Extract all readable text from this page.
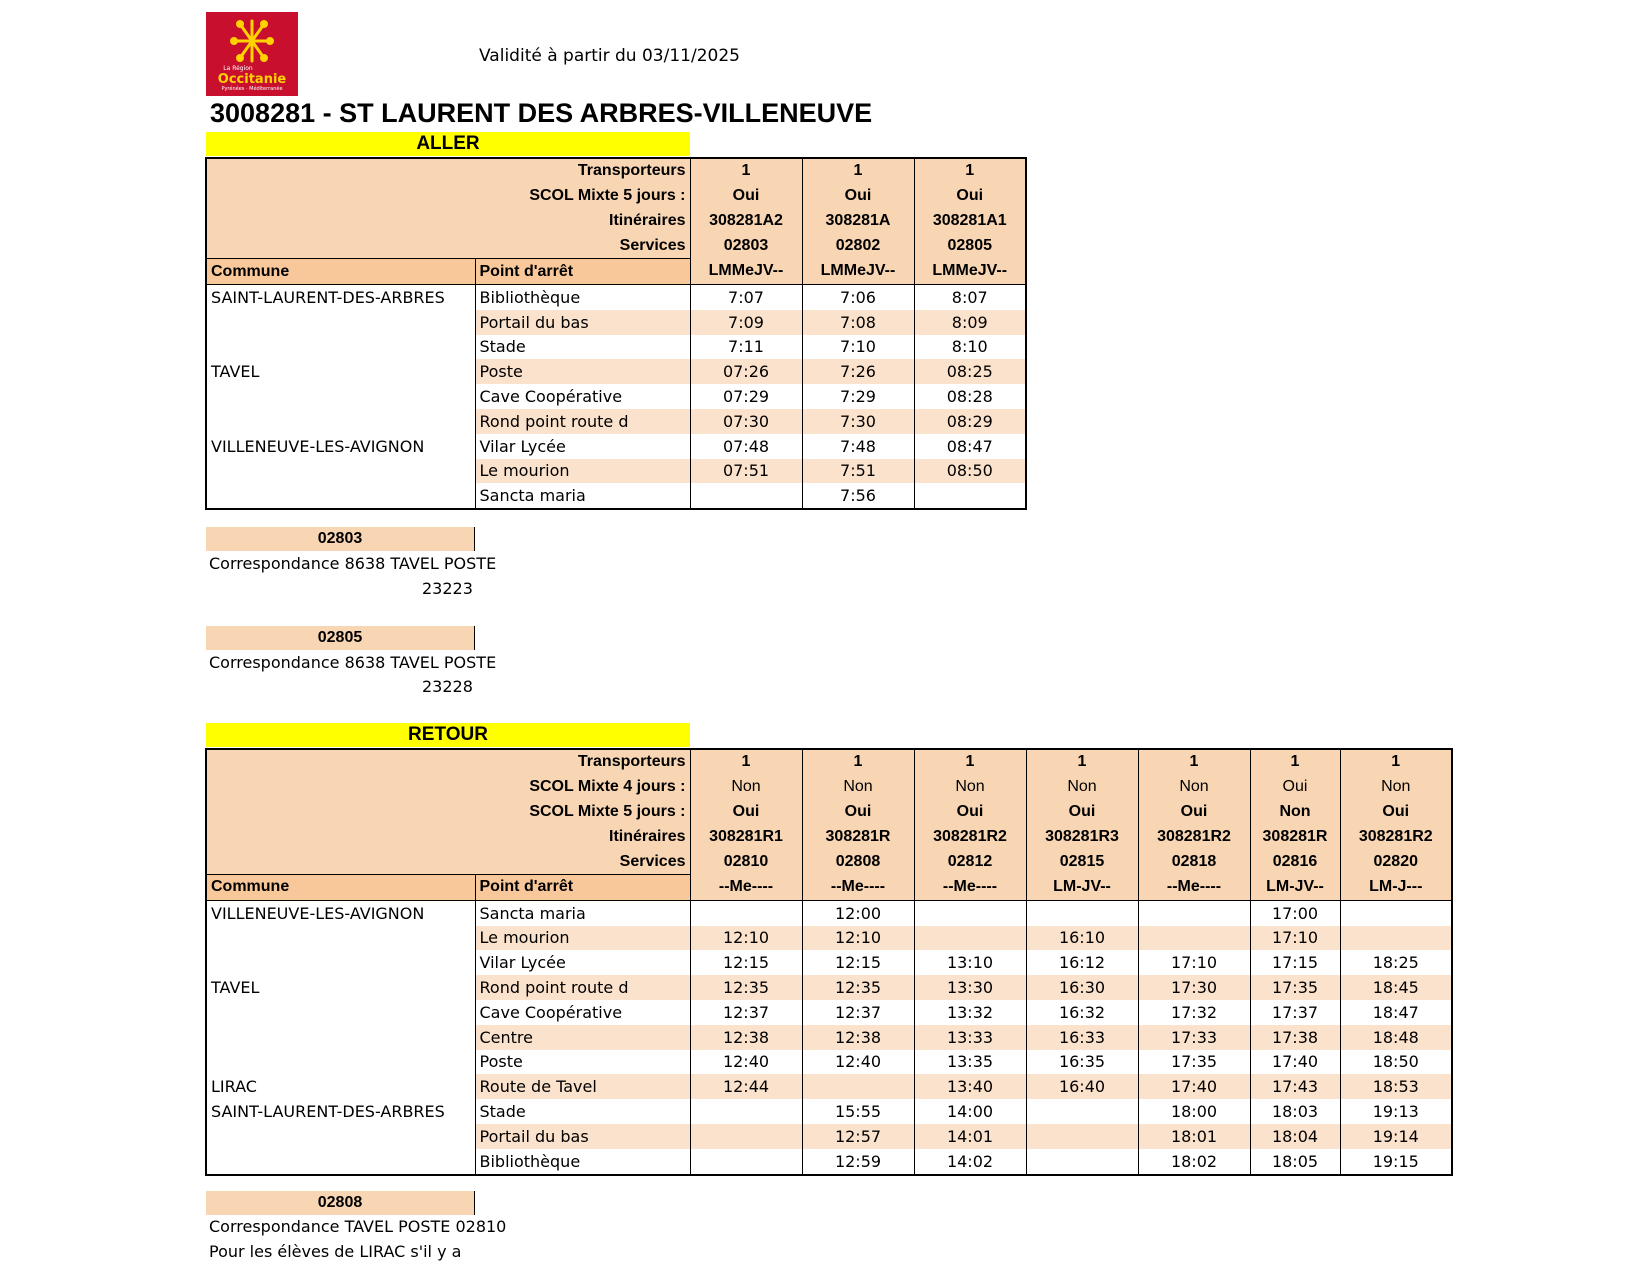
La Région
Occitanie
Pyrénées · Méditerranée
Validité à partir du 03/11/2025
3008281 - ST LAURENT DES ARBRES-VILLENEUVE
ALLER
Transporteurs		1	1	1
SCOL Mixte 5 jours :		Oui	Oui	Oui
Itinéraires		308281A2	308281A	308281A1
Services		02803	02802	02805
Commune	Point d'arrêt	LMMeJV--	LMMeJV--	LMMeJV--
SAINT-LAURENT-DES-ARBRES	Bibliothèque	7:07	7:06	8:07
	Portail du bas	7:09	7:08	8:09
	Stade	7:11	7:10	8:10
TAVEL	Poste	07:26	7:26	08:25
	Cave Coopérative	07:29	7:29	08:28
	Rond point route d	07:30	7:30	08:29
VILLENEUVE-LES-AVIGNON	Vilar Lycée	07:48	7:48	08:47
	Le mourion	07:51	7:51	08:50
	Sancta maria		7:56	
02803
Correspondance 8638 TAVEL POSTE
23223
02805
Correspondance 8638 TAVEL POSTE
23228
RETOUR
Transporteurs		1	1	1	1	1	1	1
SCOL Mixte 4 jours :		Non	Non	Non	Non	Non	Oui	Non
SCOL Mixte 5 jours :		Oui	Oui	Oui	Oui	Oui	Non	Oui
Itinéraires		308281R1	308281R	308281R2	308281R3	308281R2	308281R	308281R2
Services		02810	02808	02812	02815	02818	02816	02820
Commune	Point d'arrêt	--Me----	--Me----	--Me----	LM-JV--	--Me----	LM-JV--	LM-J---
VILLENEUVE-LES-AVIGNON	Sancta maria		12:00				17:00	
	Le mourion	12:10	12:10		16:10		17:10	
	Vilar Lycée	12:15	12:15	13:10	16:12	17:10	17:15	18:25
TAVEL	Rond point route d	12:35	12:35	13:30	16:30	17:30	17:35	18:45
	Cave Coopérative	12:37	12:37	13:32	16:32	17:32	17:37	18:47
	Centre	12:38	12:38	13:33	16:33	17:33	17:38	18:48
	Poste	12:40	12:40	13:35	16:35	17:35	17:40	18:50
LIRAC	Route de Tavel	12:44		13:40	16:40	17:40	17:43	18:53
SAINT-LAURENT-DES-ARBRES	Stade		15:55	14:00		18:00	18:03	19:13
	Portail du bas		12:57	14:01		18:01	18:04	19:14
	Bibliothèque		12:59	14:02		18:02	18:05	19:15
02808
Correspondance TAVEL POSTE 02810
Pour les élèves de LIRAC s'il y a
